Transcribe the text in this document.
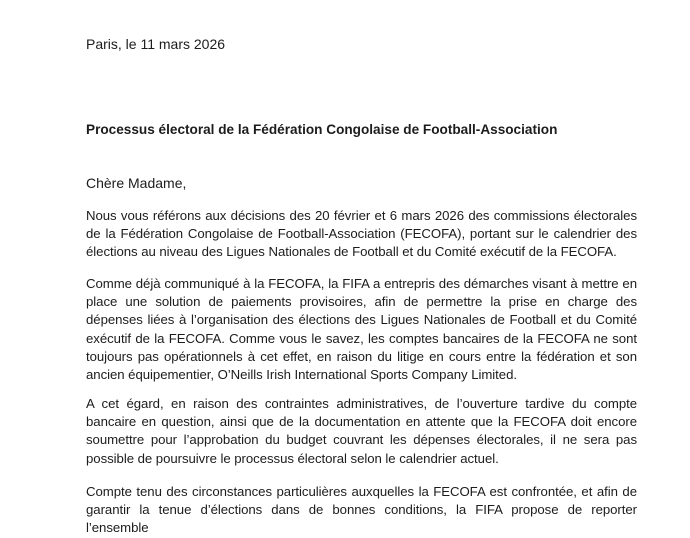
Paris, le 11 mars 2026
Processus électoral de la Fédération Congolaise de Football-Association
Chère Madame,

Nous vous référons aux décisions des 20 février et 6 mars 2026 des commissions électorales de la Fédération Congolaise de Football-Association (FECOFA), portant sur le calendrier des élections au niveau des Ligues Nationales de Football et du Comité exécutif de la FECOFA.

Comme déjà communiqué à la FECOFA, la FIFA a entrepris des démarches visant à mettre en place une solution de paiements provisoires, afin de permettre la prise en charge des dépenses liées à l’organisation des élections des Ligues Nationales de Football et du Comité exécutif de la FECOFA. Comme vous le savez, les comptes bancaires de la FECOFA ne sont toujours pas opérationnels à cet effet, en raison du litige en cours entre la fédération et son ancien équipementier, O’Neills Irish International Sports Company Limited.

A cet égard, en raison des contraintes administratives, de l’ouverture tardive du compte bancaire en question, ainsi que de la documentation en attente que la FECOFA doit encore soumettre pour l’approbation du budget couvrant les dépenses électorales, il ne sera pas possible de poursuivre le processus électoral selon le calendrier actuel.

Compte tenu des circonstances particulières auxquelles la FECOFA est confrontée, et afin de garantir la tenue d’élections dans de bonnes conditions, la FIFA propose de reporter l’ensemble
